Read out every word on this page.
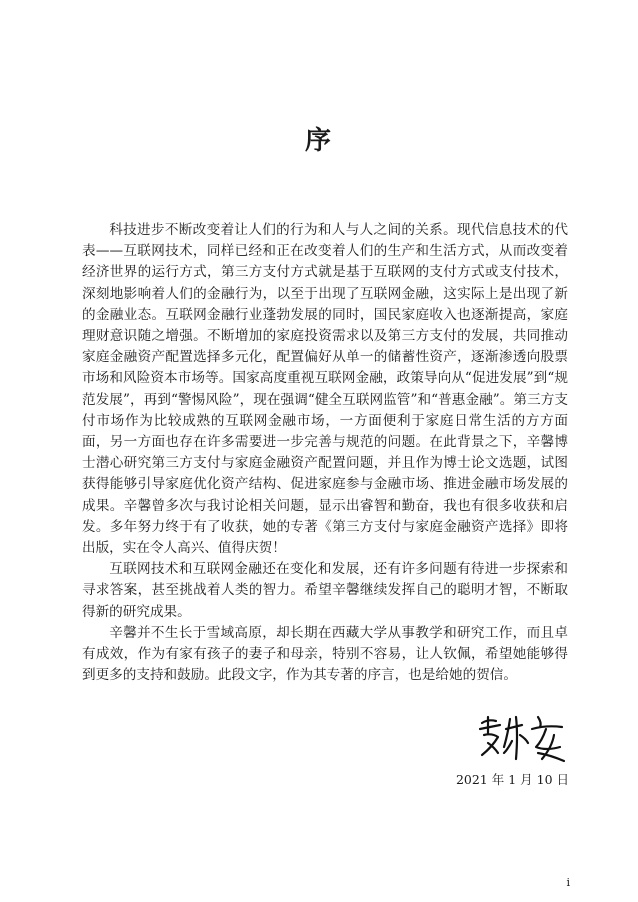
序

科技进步不断改变着让人们的行为和人与人之间的关系。现代信息技术的代表——互联网技术，同样已经和正在改变着人们的生产和生活方式，从而改变着经济世界的运行方式，第三方支付方式就是基于互联网的支付方式或支付技术，深刻地影响着人们的金融行为，以至于出现了互联网金融，这实际上是出现了新的金融业态。互联网金融行业蓬勃发展的同时，国民家庭收入也逐渐提高，家庭理财意识随之增强。不断增加的家庭投资需求以及第三方支付的发展，共同推动家庭金融资产配置选择多元化，配置偏好从单一的储蓄性资产，逐渐渗透向股票市场和风险资本市场等。国家高度重视互联网金融，政策导向从“促进发展”到“规范发展”，再到“警惕风险”，现在强调“健全互联网监管”和“普惠金融”。第三方支付市场作为比较成熟的互联网金融市场，一方面便利于家庭日常生活的方方面面，另一方面也存在许多需要进一步完善与规范的问题。在此背景之下，辛馨博士潜心研究第三方支付与家庭金融资产配置问题，并且作为博士论文选题，试图获得能够引导家庭优化资产结构、促进家庭参与金融市场、推进金融市场发展的成果。辛馨曾多次与我讨论相关问题，显示出睿智和勤奋，我也有很多收获和启发。多年努力终于有了收获，她的专著《第三方支付与家庭金融资产选择》即将出版，实在令人高兴、值得庆贺！

互联网技术和互联网金融还在变化和发展，还有许多问题有待进一步探索和寻求答案，甚至挑战着人类的智力。希望辛馨继续发挥自己的聪明才智，不断取得新的研究成果。

辛馨并不生长于雪域高原，却长期在西藏大学从事教学和研究工作，而且卓有成效，作为有家有孩子的妻子和母亲，特别不容易，让人钦佩，希望她能够得到更多的支持和鼓励。此段文字，作为其专著的序言，也是给她的贺信。

2021 年 1 月 10 日
i
